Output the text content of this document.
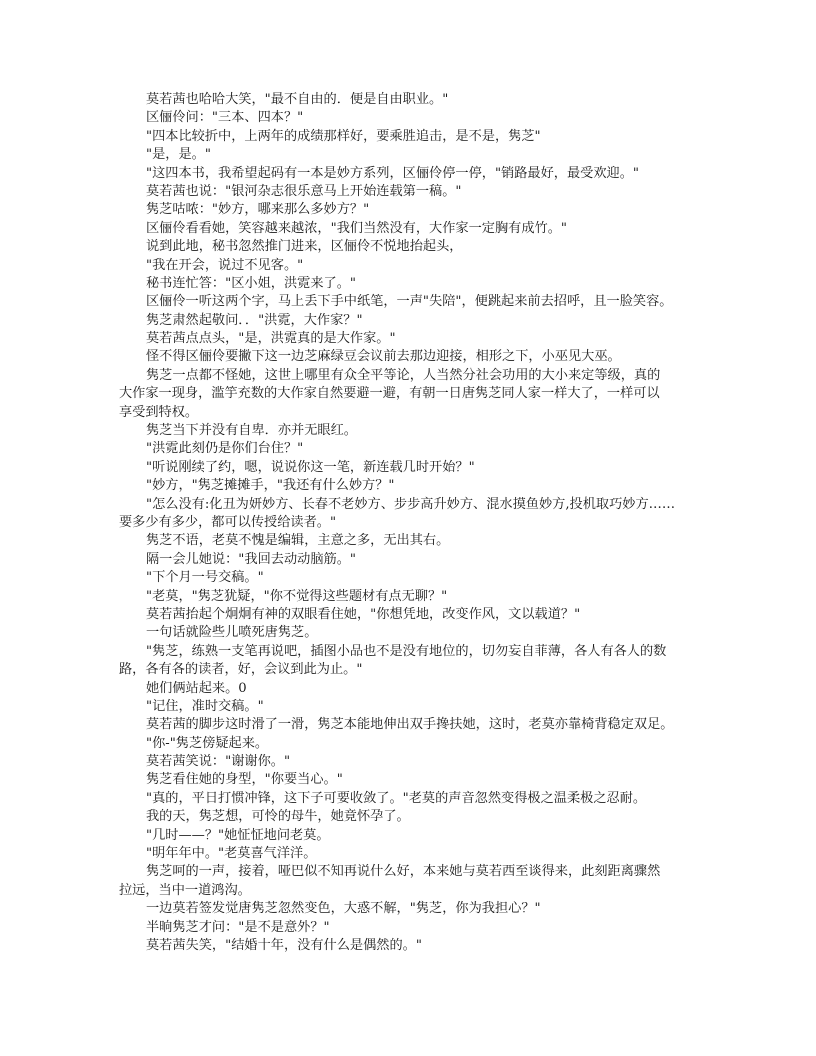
莫若茜也哈哈大笑，"最不自由的．便是自由职业。"
区俪伶问："三本、四本？"
"四本比较折中，上两年的成绩那样好，要乘胜追击，是不是，隽芝"
"是，是。"
"这四本书，我希望起码有一本是妙方系列，区俪伶停一停，"销路最好，最受欢迎。"
莫若茜也说："银河杂志很乐意马上开始连载第一稿。"
隽芝咕哝："妙方，哪来那么多妙方？"
区俪伶看看她，笑容越来越浓，"我们当然没有，大作家一定胸有成竹。"
说到此地，秘书忽然推门进来，区俪伶不悦地抬起头，
"我在开会，说过不见客。"
秘书连忙答："区小姐，洪霓来了。"
区俪伶一听这两个字，马上丢下手中纸笔，一声"失陪"，便跳起来前去招呼，且一脸笑容。
隽芝肃然起敬问．．"洪霓，大作家？"
莫若茜点点头，"是，洪霓真的是大作家。"
怪不得区俪伶要撇下这一边芝麻绿豆会议前去那边迎接，相形之下，小巫见大巫。
隽芝一点都不怪她，这世上哪里有众全平等论，人当然分社会功用的大小来定等级，真的
大作家一现身，滥竽充数的大作家自然要避一避，有朝一日唐隽芝同人家一样大了，一样可以
享受到特权。
隽芝当下并没有自卑．亦并无眼红。
"洪霓此刻仍是你们台住？"
"听说刚续了约，嗯，说说你这一笔，新连载几时开始？"
"妙方，"隽芝摊摊手，"我还有什么妙方？"
"怎么没有:化丑为妍妙方、长春不老妙方、步步高升妙方、混水摸鱼妙方,投机取巧妙方……
要多少有多少，都可以传授给读者。"
隽芝不语，老莫不愧是编辑，主意之多，无出其右。
隔一会儿她说："我回去动动脑筋。"
"下个月一号交稿。"
"老莫，"隽芝犹疑，"你不觉得这些题材有点无聊？"
莫若茜抬起个炯炯有神的双眼看住她，"你想凭地，改变作风，文以载道？"
一句话就险些儿喷死唐隽芝。
"隽芝，练熟一支笔再说吧，插图小品也不是没有地位的，切勿妄自菲薄，各人有各人的数
路，各有各的读者，好，会议到此为止。"
她们俩站起来。0
"记住，准时交稿。"
莫若茜的脚步这时滑了一滑，隽芝本能地伸出双手搀扶她，这时，老莫亦靠椅背稳定双足。
"你-"隽芝傍疑起来。
莫若茜笑说："谢谢你。"
隽芝看住她的身型，"你要当心。"
"真的，平日打惯冲锋，这下子可要收敛了。"老莫的声音忽然变得极之温柔极之忍耐。
我的天，隽芝想，可怜的母牛，她竟怀孕了。
"几时——？"她怔怔地问老莫。
"明年年中。"老莫喜气洋洋。
隽芝呵的一声，接着，哑巴似不知再说什么好，本来她与莫若西至谈得来，此刻距离骤然
拉远，当中一道鸿沟。
一边莫若签发觉唐隽芝忽然变色，大惑不解，"隽芝，你为我担心？"
半晌隽芝才问："是不是意外？"
莫若茜失笑，"结婚十年，没有什么是偶然的。"
